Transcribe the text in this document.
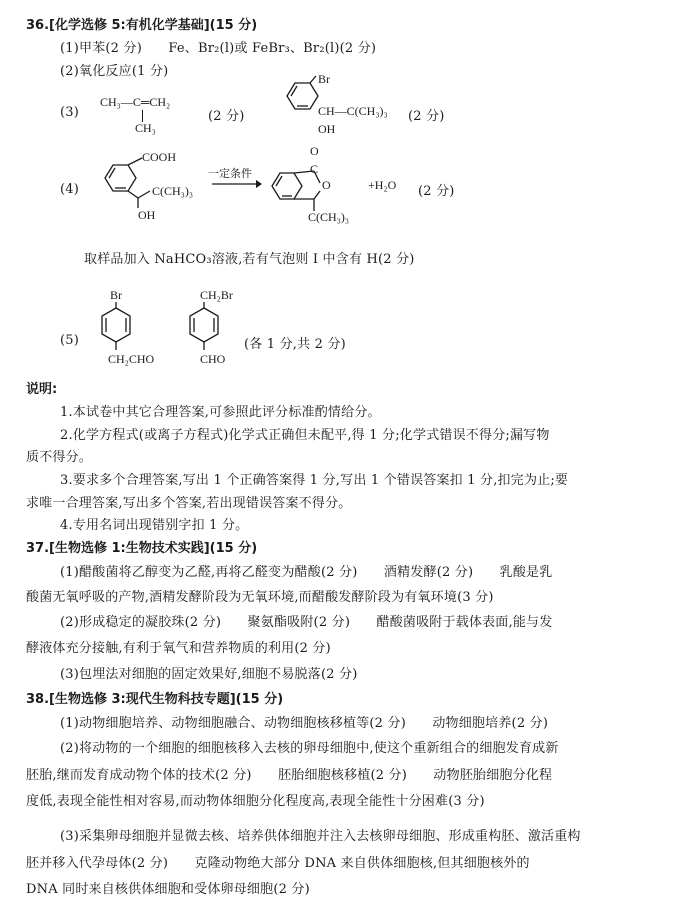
36.[化学选修 5:有机化学基础](15 分)
(1)甲苯(2 分)　　Fe、Br₂(l)或 FeBr₃、Br₂(l)(2 分)
(2)氧化反应(1 分)
(3)
CH₃—C═CH₂
CH₃
(2 分)
Br
CH—C(CH₃)₃
OH
(2 分)
(4)
COOH
C(CH₃)₃
OH
一定条件
O
C
O
C(CH₃)₃
+H₂O (2 分)
取样品加入 NaHCO₃溶液,若有气泡则 I 中含有 H(2 分)
(5)
Br
CH₂CHO
CH₂Br
CHO
(各 1 分,共 2 分)
说明:
1.本试卷中其它合理答案,可参照此评分标准酌情给分。
2.化学方程式(或离子方程式)化学式正确但未配平,得 1 分;化学式错误不得分;漏写物
质不得分。
3.要求多个合理答案,写出 1 个正确答案得 1 分,写出 1 个错误答案扣 1 分,扣完为止;要
求唯一合理答案,写出多个答案,若出现错误答案不得分。
4.专用名词出现错别字扣 1 分。
37.[生物选修 1:生物技术实践](15 分)
(1)醋酸菌将乙醇变为乙醛,再将乙醛变为醋酸(2 分)　　酒精发酵(2 分)　　乳酸是乳
酸菌无氧呼吸的产物,酒精发酵阶段为无氧环境,而醋酸发酵阶段为有氧环境(3 分)
(2)形成稳定的凝胶珠(2 分)　　聚氨酯吸附(2 分)　　醋酸菌吸附于载体表面,能与发
酵液体充分接触,有利于氧气和营养物质的利用(2 分)
(3)包埋法对细胞的固定效果好,细胞不易脱落(2 分)
38.[生物选修 3:现代生物科技专题](15 分)
(1)动物细胞培养、动物细胞融合、动物细胞核移植等(2 分)　　动物细胞培养(2 分)
(2)将动物的一个细胞的细胞核移入去核的卵母细胞中,使这个重新组合的细胞发育成新
胚胎,继而发育成动物个体的技术(2 分)　　胚胎细胞核移植(2 分)　　动物胚胎细胞分化程
度低,表现全能性相对容易,而动物体细胞分化程度高,表现全能性十分困难(3 分)
(3)采集卵母细胞并显微去核、培养供体细胞并注入去核卵母细胞、形成重构胚、激活重构
胚并移入代孕母体(2 分)　　克隆动物绝大部分 DNA 来自供体细胞核,但其细胞核外的
DNA 同时来自核供体细胞和受体卵母细胞(2 分)
